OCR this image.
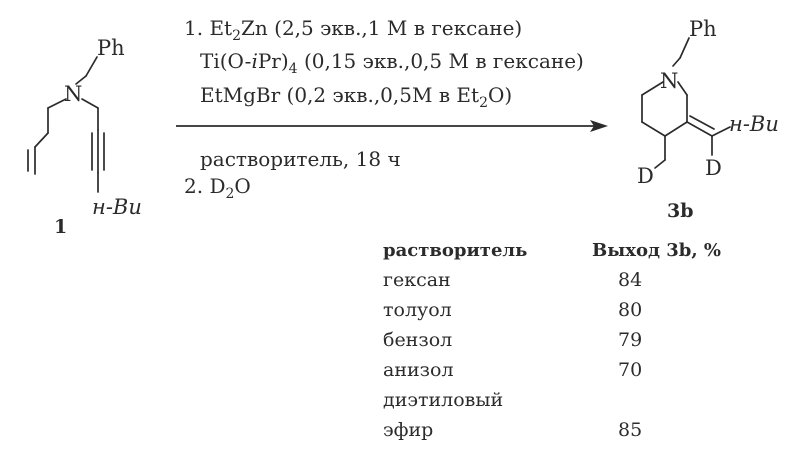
N
Ph
н-Bu
1
1. $Et_2Zn$ (2,5 экв.,1 М в гексане)
$Ti(O-iPr)_4$ (0,15 экв.,0,5 М в гексане)
EtMgBr (0,2 экв.,0,5М в $Et_2O$)
растворитель, 18 ч
2. $D_2O$
N
Ph
н-Bu
D
D
3b
растворитель	Выход 3b, %
гексан	84
толуол	80
бензол	79
анизол	70
диэтиловый
эфир	85
